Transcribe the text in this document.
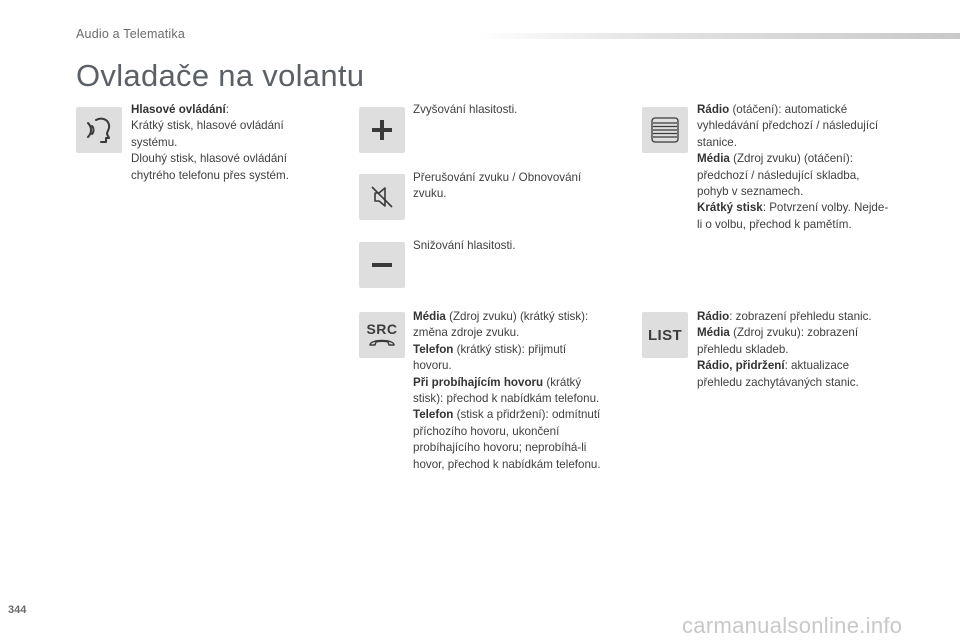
Audio a Telematika
Ovladače na volantu
Hlasové ovládání:
Krátký stisk, hlasové ovládání
systému.
Dlouhý stisk, hlasové ovládání
chytrého telefonu přes systém.
Zvyšování hlasitosti.
Přerušování zvuku / Obnovování
zvuku.
Snižování hlasitosti.
SRC
Média (Zdroj zvuku) (krátký stisk):
změna zdroje zvuku.
Telefon (krátký stisk): přijmutí
hovoru.
Při probíhajícím hovoru (krátký
stisk): přechod k nabídkám telefonu.
Telefon (stisk a přidržení): odmítnutí
příchozího hovoru, ukončení
probíhajícího hovoru; neprobíhá-li
hovor, přechod k nabídkám telefonu.
Rádio (otáčení): automatické
vyhledávání předchozí / následující
stanice.
Média (Zdroj zvuku) (otáčení):
předchozí / následující skladba,
pohyb v seznamech.
Krátký stisk: Potvrzení volby. Nejde-
li o volbu, přechod k pamětím.
LIST
Rádio: zobrazení přehledu stanic.
Média (Zdroj zvuku): zobrazení
přehledu skladeb.
Rádio, přidržení: aktualizace
přehledu zachytávaných stanic.
344
carmanualsonline.info
